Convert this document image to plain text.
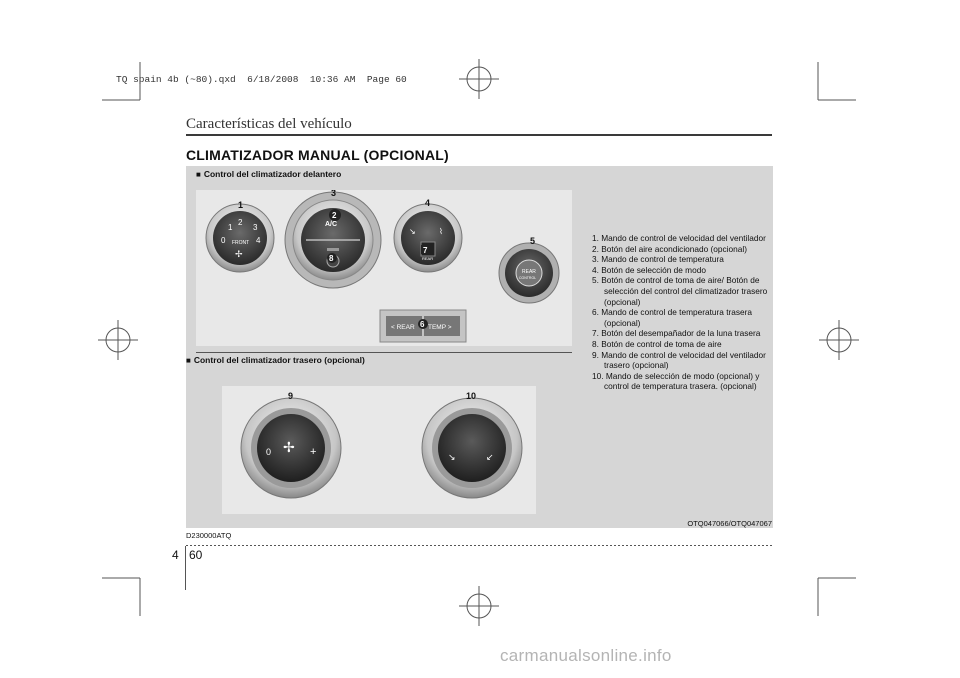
TQ spain 4b (~80).qxd  6/18/2008  10:36 AM  Page 60
Características del vehículo
CLIMATIZADOR MANUAL (OPCIONAL)
■ Control del climatizador delantero
0
1
2
3
4
FRONT
✢
A/C
↘	⌇
REAR
REAR
CONTROL
< REAR TEMP >
1
3
4
5
2
7
8
6
■ Control del climatizador trasero (opcional)
0	+
✢
↘	↙
9	10
1. Mando de control de velocidad del ventilador
2. Botón del aire acondicionado (opcional)
3. Mando de control de temperatura
4. Botón de selección de modo
5. Botón de control de toma de aire/ Botón de selección del control del climatizador trasero (opcional)
6. Mando de control de temperatura trasera (opcional)
7. Botón del desempañador de la luna trasera
8. Botón de control de toma de aire
9. Mando de control de velocidad del ventilador trasero (opcional)
10. Mando de selección de modo (opcional) y control de temperatura trasera. (opcional)
OTQ047066/OTQ047067
D230000ATQ
4 60
carmanualsonline.info
